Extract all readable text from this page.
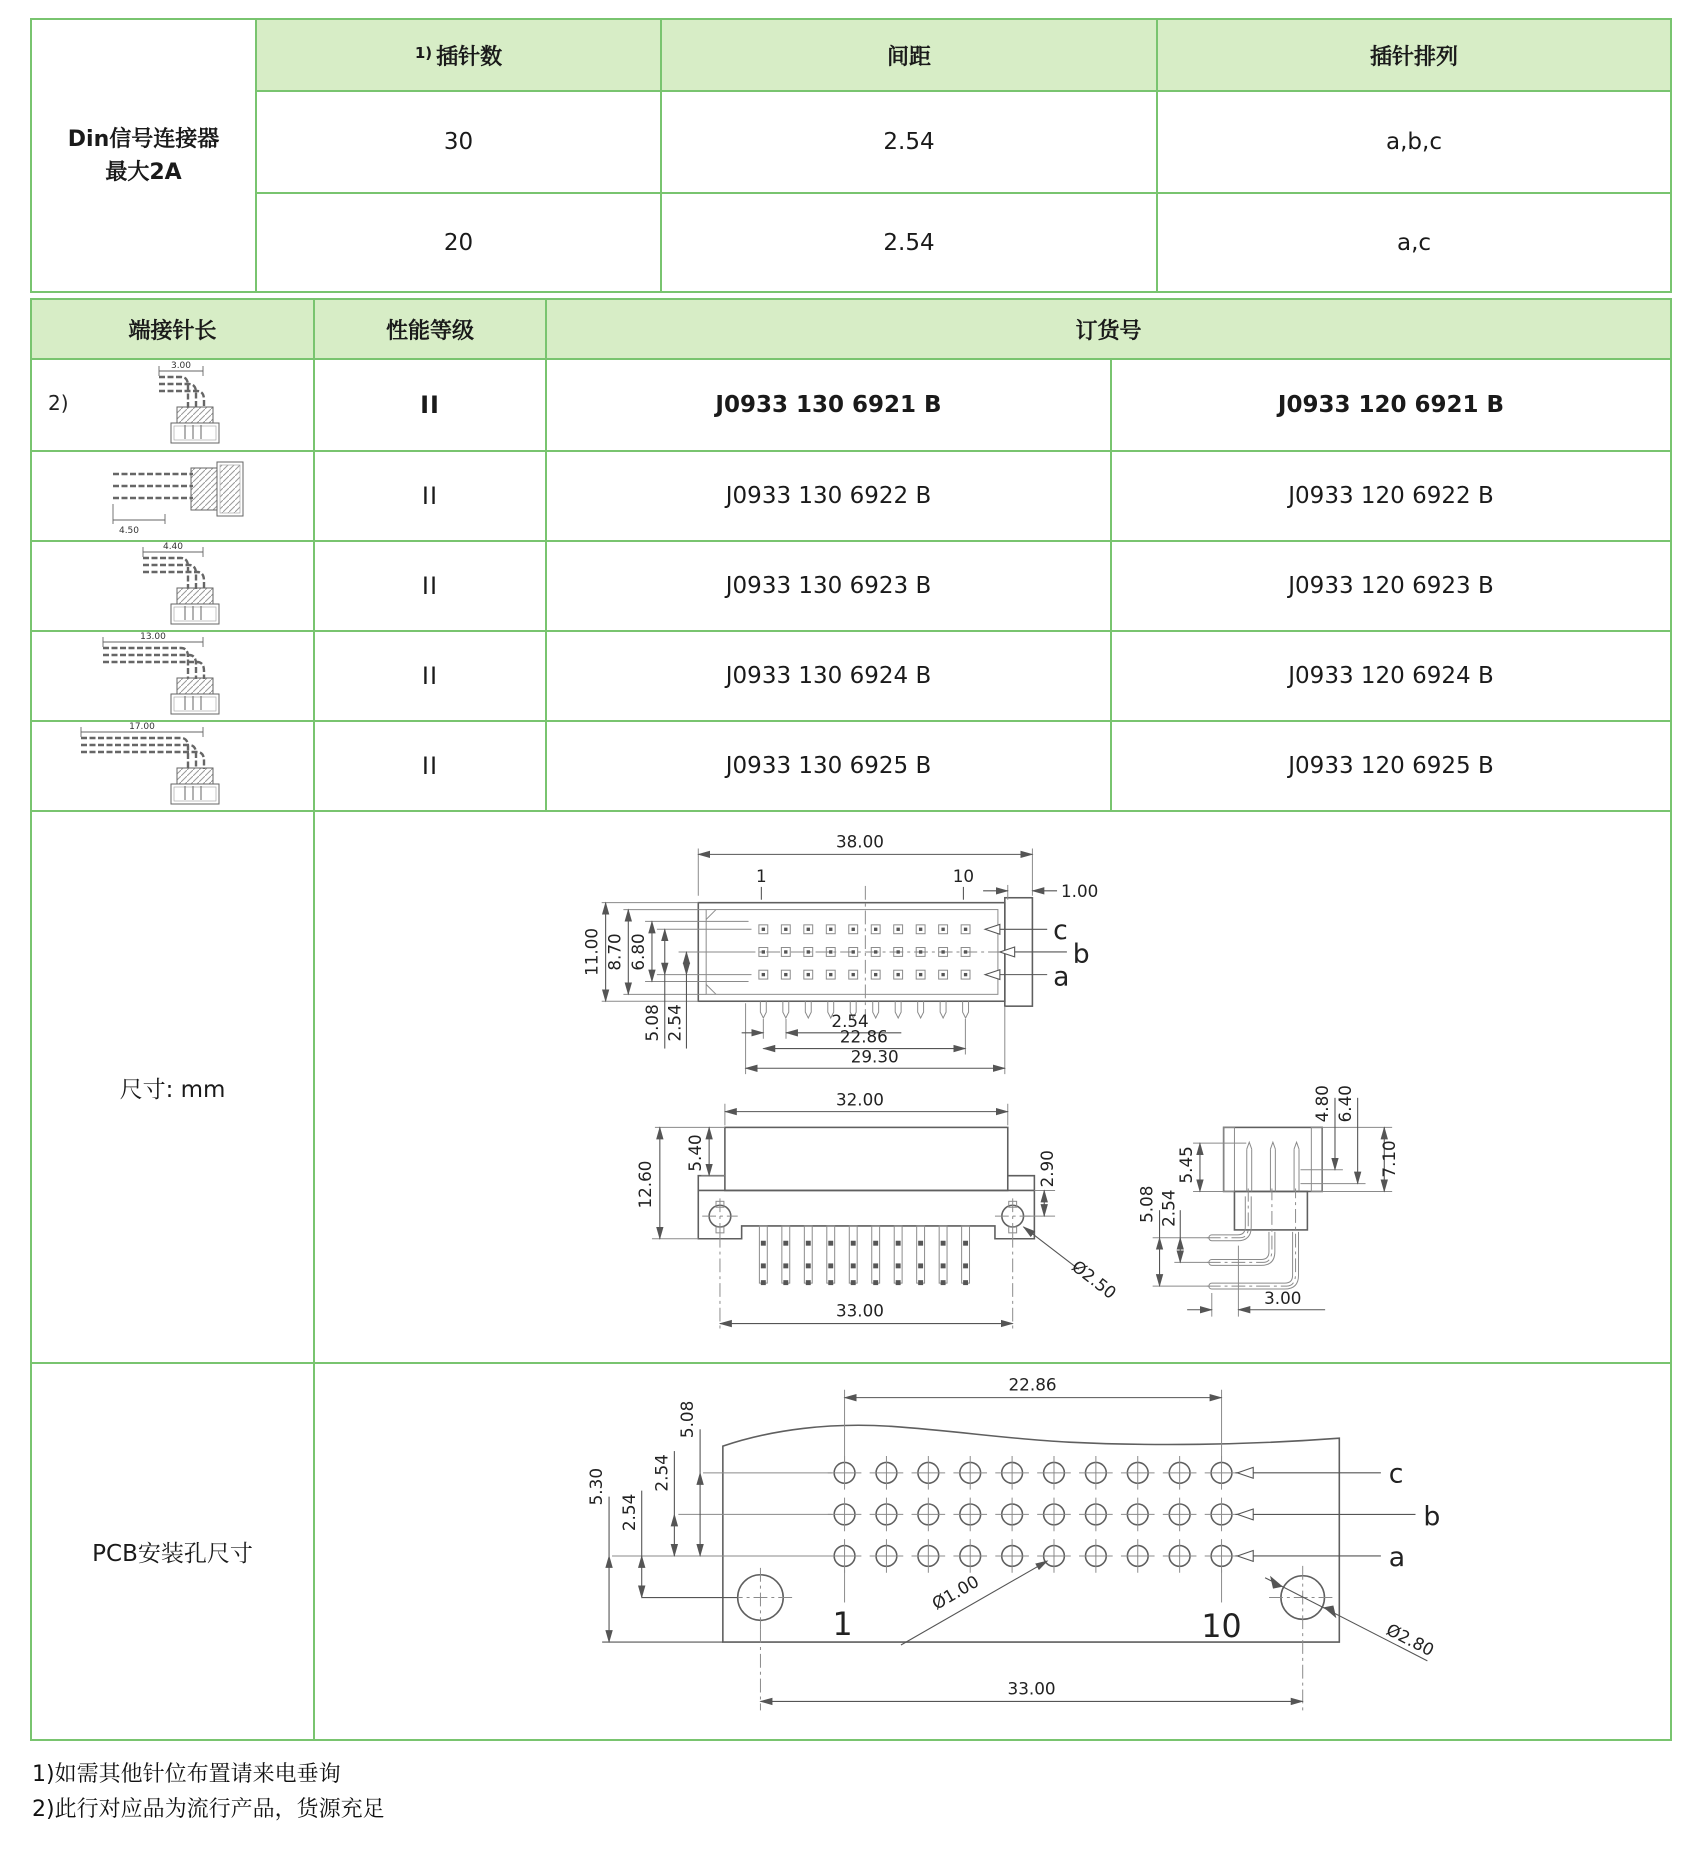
Din信号连接器
最大2A	$^{1)}$ 插针数	间距	插针排列
	30	2.54	a,b,c
	20	2.54	a,c
端接针长	性能等级	订货号	

2)
3.00	II	J0933 130 6921 B	J0933 120 6921 B

4.50	II	J0933 130 6922 B	J0933 120 6922 B

4.40	II	J0933 130 6923 B	J0933 120 6923 B

13.00	II	J0933 130 6924 B	J0933 120 6924 B

17.00	II	J0933 130 6925 B	J0933 120 6925 B
尺寸: mm	
38.00
1	10
1.00
11.00 8.70 6.80
5.08 2.54	2.54
22.86
29.30
c
b
a
32.00
5.40
12.60	2.90
Ø2.50
33.00
4.80 6.40
7.10
5.45
5.08 2.54
3.00

PCB安装孔尺寸	
c
b
a
5.08
2.54
2.54
5.30
22.86
1	10
Ø1.00
Ø2.80
33.00
1)如需其他针位布置请来电垂询
2)此行对应品为流行产品，货源充足
